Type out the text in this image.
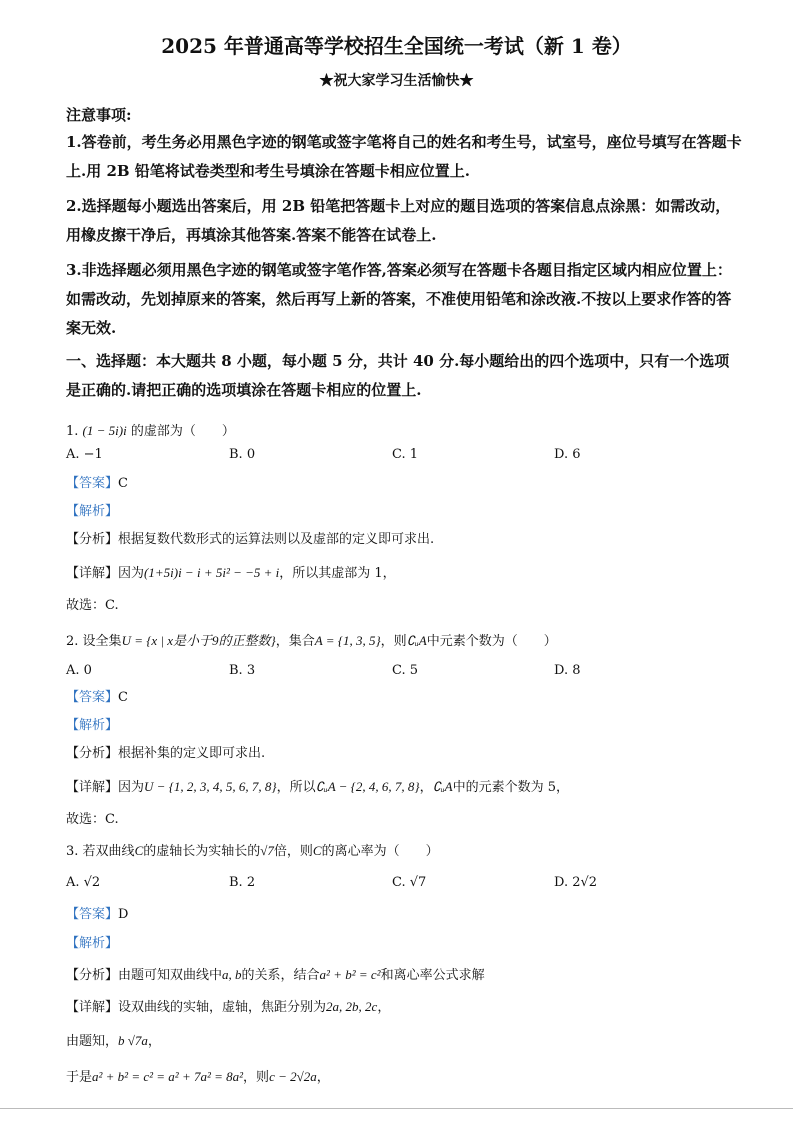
2025 年普通高等学校招生全国统一考试（新 1 卷）
★祝大家学习生活愉快★
注意事项:
1.答卷前，考生务必用黑色字迹的钢笔或签字笔将自己的姓名和考生号，试室号，座位号填写在答题卡上.用 2B 铅笔将试卷类型和考生号填涂在答题卡相应位置上.
2.选择题每小题选出答案后，用 2B 铅笔把答题卡上对应的题目选项的答案信息点涂黑：如需改动，用橡皮擦干净后，再填涂其他答案.答案不能答在试卷上.
3.非选择题必须用黑色字迹的钢笔或签字笔作答,答案必须写在答题卡各题目指定区域内相应位置上：如需改动，先划掉原来的答案，然后再写上新的答案，不准使用铅笔和涂改液.不按以上要求作答的答案无效.
一、选择题：本大题共 8 小题，每小题 5 分，共计 40 分.每小题给出的四个选项中，只有一个选项是正确的.请把正确的选项填涂在答题卡相应的位置上.
1. (1 − 5i)i 的虚部为（　　）
A. −1	B. 0	C. 1	D. 6
【答案】C
【解析】
【分析】根据复数代数形式的运算法则以及虚部的定义即可求出.
【详解】因为(1+5i)i − i + 5i² − −5 + i，所以其虚部为 1，
故选：C.
2. 设全集U = {x | x是小于9的正整数}，集合A = {1, 3, 5}，则∁ᵤA中元素个数为（　　）
A. 0	B. 3	C. 5	D. 8
【答案】C
【解析】
【分析】根据补集的定义即可求出.
【详解】因为U − {1, 2, 3, 4, 5, 6, 7, 8}，所以∁ᵤA − {2, 4, 6, 7, 8}，∁ᵤA中的元素个数为 5，
故选：C.
3. 若双曲线C的虚轴长为实轴长的√7倍，则C的离心率为（　　）
A. √2	B. 2	C. √7	D. 2√2
【答案】D
【解析】
【分析】由题可知双曲线中a, b的关系，结合a² + b² = c²和离心率公式求解
【详解】设双曲线的实轴，虚轴，焦距分别为2a, 2b, 2c，
由题知，b √7a，
于是a² + b² = c² = a² + 7a² = 8a²，则c − 2√2a，
